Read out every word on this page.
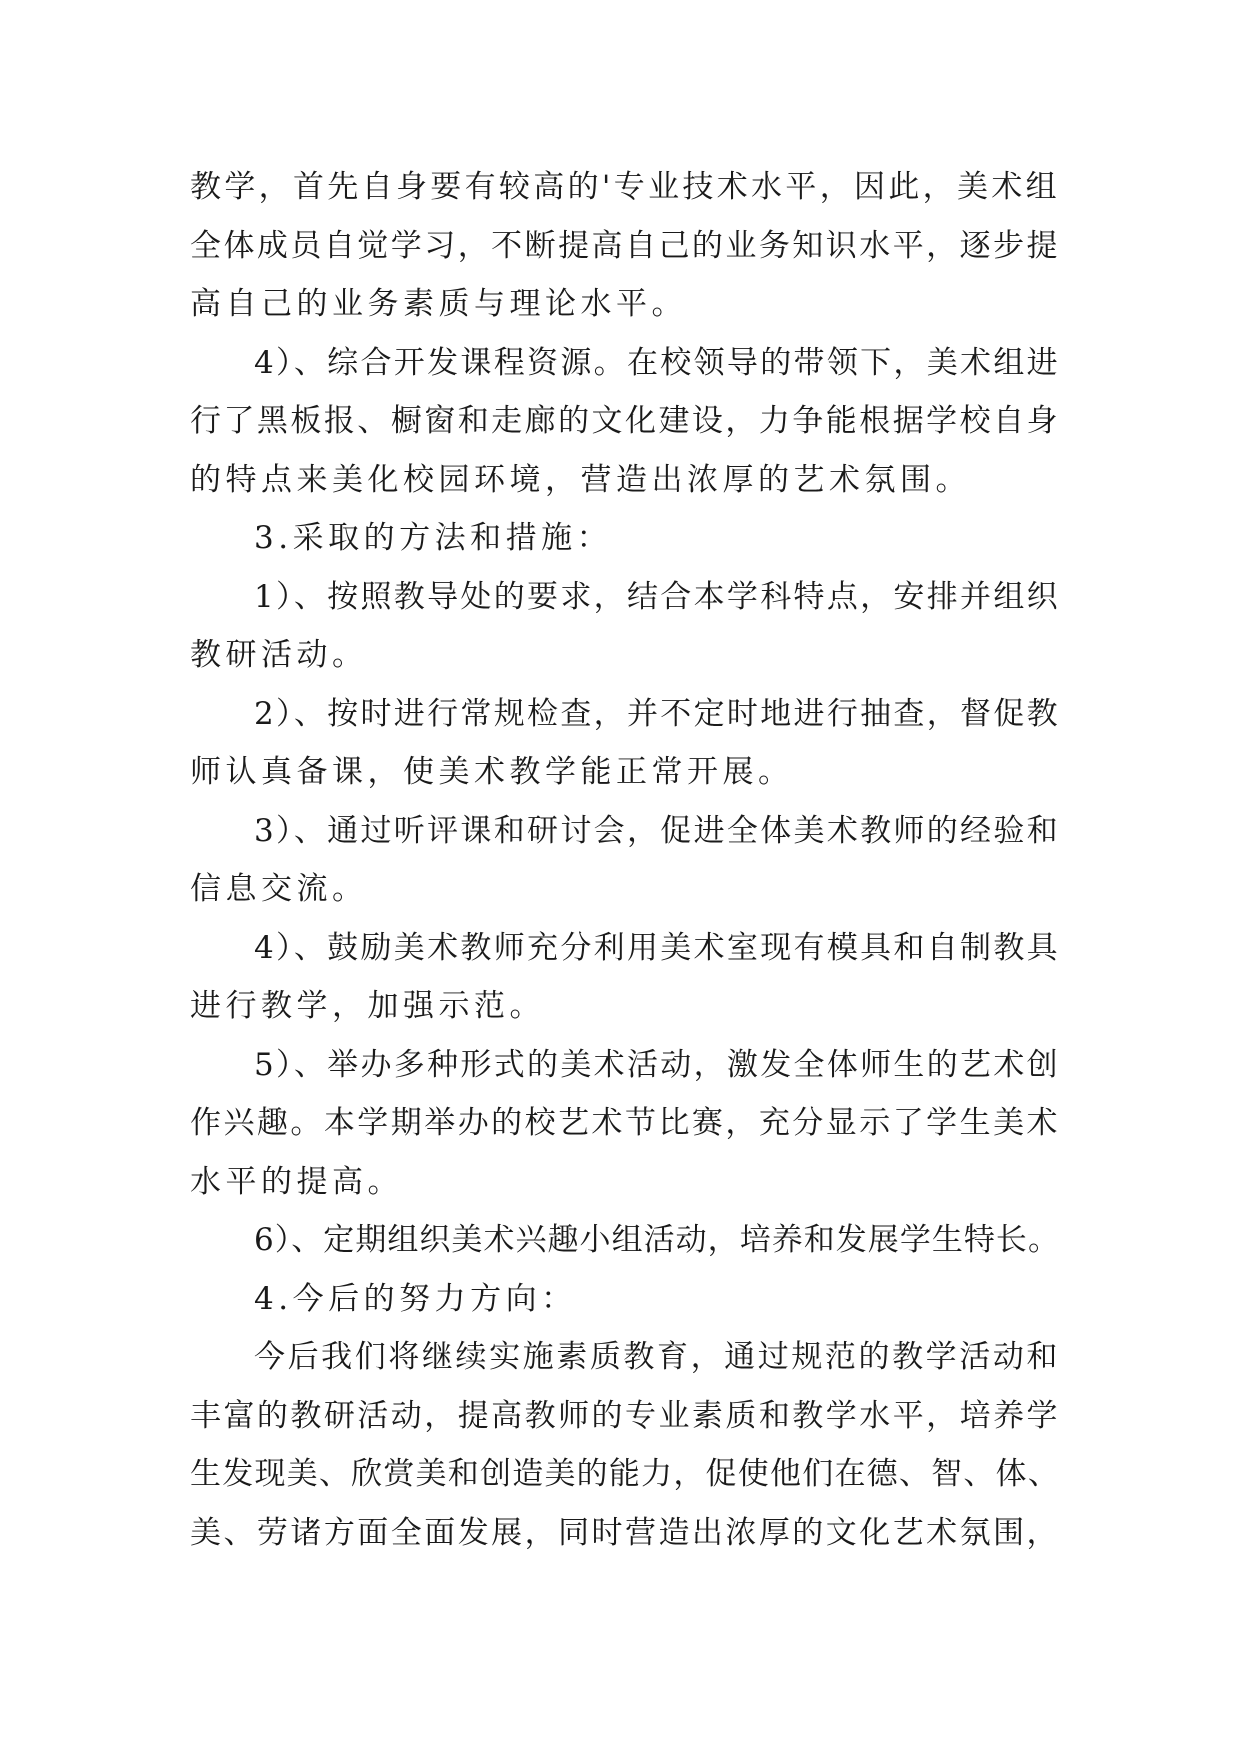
教学，首先自身要有较高的'专业技术水平，因此，美术组
全体成员自觉学习，不断提高自己的业务知识水平，逐步提
高自己的业务素质与理论水平。
4）、综合开发课程资源。在校领导的带领下，美术组进
行了黑板报、橱窗和走廊的文化建设，力争能根据学校自身
的特点来美化校园环境，营造出浓厚的艺术氛围。
3.采取的方法和措施：
1）、按照教导处的要求，结合本学科特点，安排并组织
教研活动。
2）、按时进行常规检查，并不定时地进行抽查，督促教
师认真备课，使美术教学能正常开展。
3）、通过听评课和研讨会，促进全体美术教师的经验和
信息交流。
4）、鼓励美术教师充分利用美术室现有模具和自制教具
进行教学，加强示范。
5）、举办多种形式的美术活动，激发全体师生的艺术创
作兴趣。本学期举办的校艺术节比赛，充分显示了学生美术
水平的提高。
6）、定期组织美术兴趣小组活动，培养和发展学生特长。
4.今后的努力方向：
今后我们将继续实施素质教育，通过规范的教学活动和
丰富的教研活动，提高教师的专业素质和教学水平，培养学
生发现美、欣赏美和创造美的能力，促使他们在德、智、体、
美、劳诸方面全面发展，同时营造出浓厚的文化艺术氛围，
